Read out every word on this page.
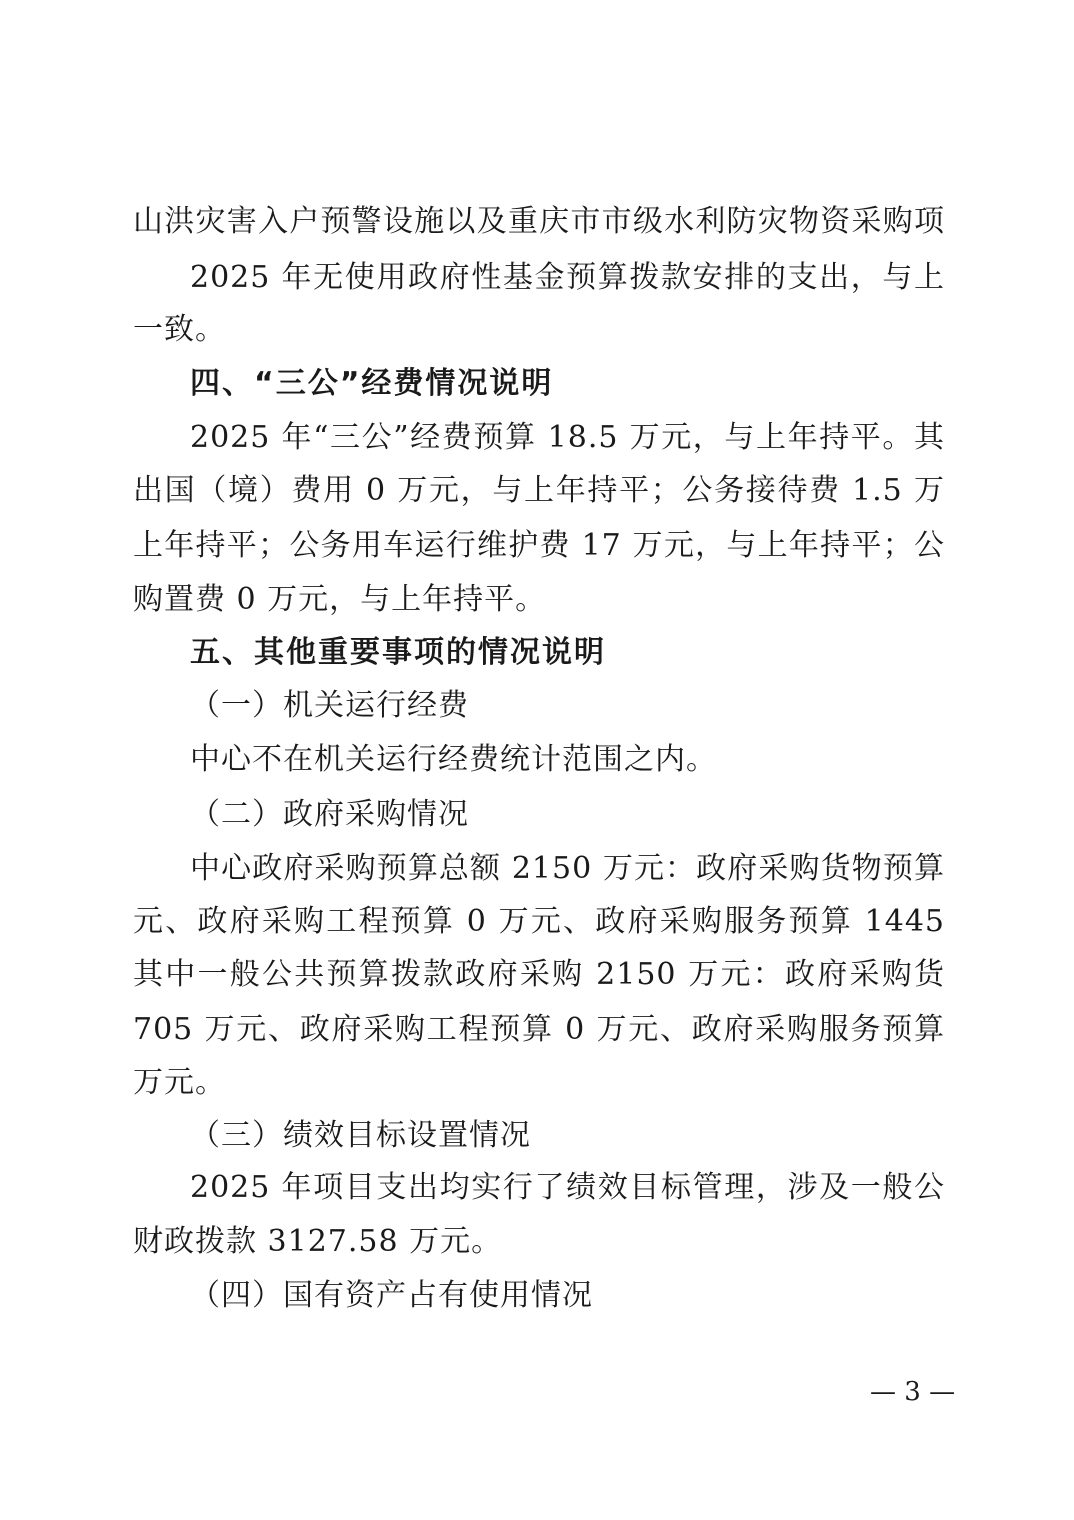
山洪灾害入户预警设施以及重庆市市级水利防灾物资采购项
2025 年无使用政府性基金预算拨款安排的支出，与上
一致。
四、“三公”经费情况说明
2025 年“三公”经费预算 18.5 万元，与上年持平。其
出国（境）费用 0 万元，与上年持平；公务接待费 1.5 万
上年持平；公务用车运行维护费 17 万元，与上年持平；公
购置费 0 万元，与上年持平。
五、其他重要事项的情况说明
（一）机关运行经费
中心不在机关运行经费统计范围之内。
（二）政府采购情况
中心政府采购预算总额 2150 万元：政府采购货物预算
元、政府采购工程预算 0 万元、政府采购服务预算 1445
其中一般公共预算拨款政府采购 2150 万元：政府采购货
705 万元、政府采购工程预算 0 万元、政府采购服务预算
万元。
（三）绩效目标设置情况
2025 年项目支出均实行了绩效目标管理，涉及一般公
财政拨款 3127.58 万元。
（四）国有资产占有使用情况
— 3 —
